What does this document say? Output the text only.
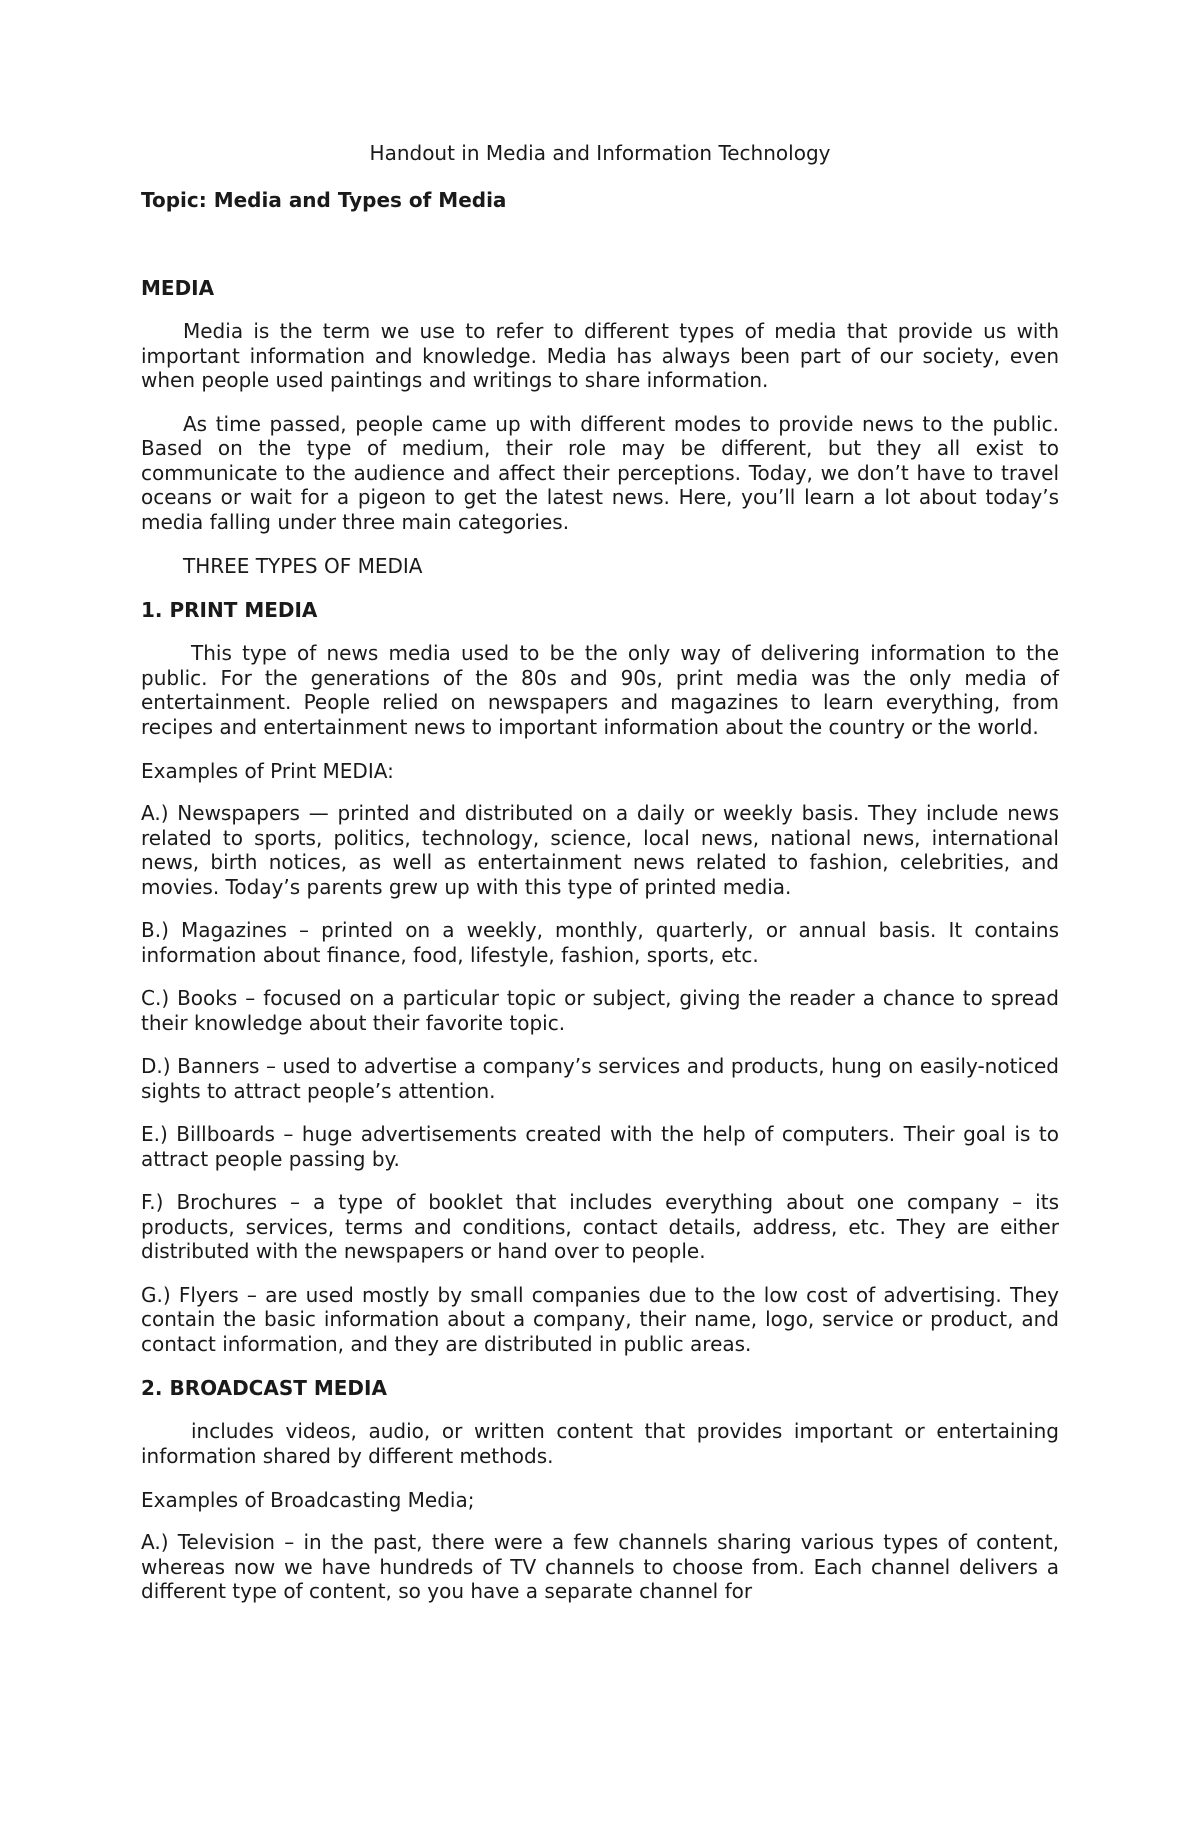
Handout in Media and Information Technology
Topic: Media and Types of Media
MEDIA

Media is the term we use to refer to different types of media that provide us with important information and knowledge. Media has always been part of our society, even when people used paintings and writings to share information.

As time passed, people came up with different modes to provide news to the public. Based on the type of medium, their role may be different, but they all exist to communicate to the audience and affect their perceptions. Today, we don’t have to travel oceans or wait for a pigeon to get the latest news. Here, you’ll learn a lot about today’s media falling under three main categories.

THREE TYPES OF MEDIA
1. PRINT MEDIA

This type of news media used to be the only way of delivering information to the public. For the generations of the 80s and 90s, print media was the only media of entertainment. People relied on newspapers and magazines to learn everything, from recipes and entertainment news to important information about the country or the world.

Examples of Print MEDIA:

A.) Newspapers — printed and distributed on a daily or weekly basis. They include news related to sports, politics, technology, science, local news, national news, international news, birth notices, as well as entertainment news related to fashion, celebrities, and movies. Today’s parents grew up with this type of printed media.

B.) Magazines – printed on a weekly, monthly, quarterly, or annual basis. It contains information about finance, food, lifestyle, fashion, sports, etc.

C.) Books – focused on a particular topic or subject, giving the reader a chance to spread their knowledge about their favorite topic.

D.) Banners – used to advertise a company’s services and products, hung on easily-noticed sights to attract people’s attention.

E.) Billboards – huge advertisements created with the help of computers. Their goal is to attract people passing by.

F.) Brochures – a type of booklet that includes everything about one company – its products, services, terms and conditions, contact details, address, etc. They are either distributed with the newspapers or hand over to people.

G.) Flyers – are used mostly by small companies due to the low cost of advertising. They contain the basic information about a company, their name, logo, service or product, and contact information, and they are distributed in public areas.

2. BROADCAST MEDIA

includes videos, audio, or written content that provides important or entertaining information shared by different methods.

Examples of Broadcasting Media;

A.) Television – in the past, there were a few channels sharing various types of content, whereas now we have hundreds of TV channels to choose from. Each channel delivers a different type of content, so you have a separate channel for
